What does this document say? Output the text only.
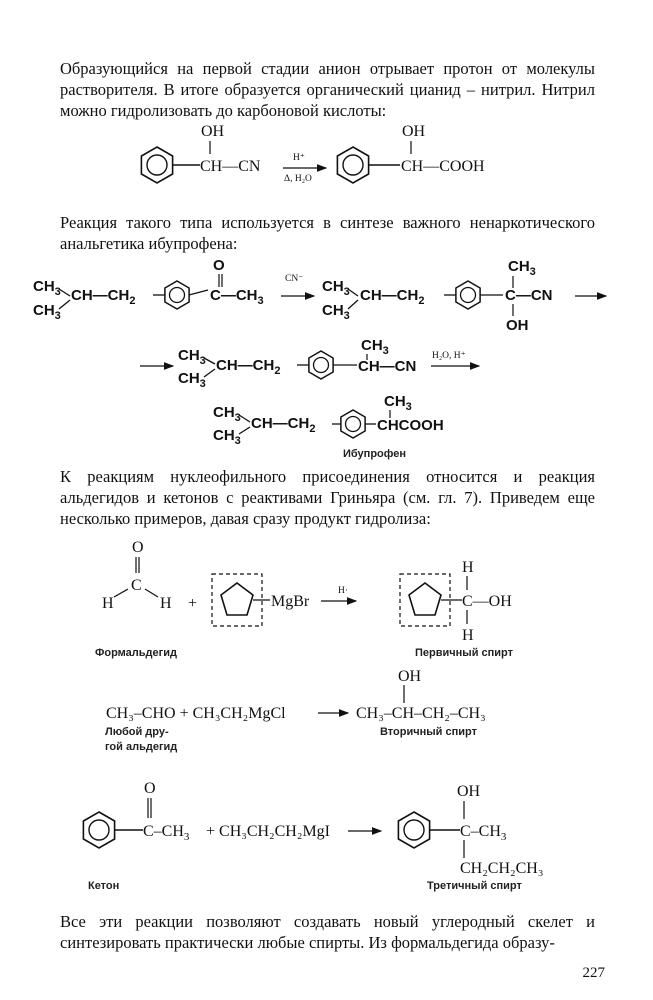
Образующийся на первой стадии анион отрывает протон от молекулы растворителя. В итоге образуется органический цианид – нитрил. Нитрил можно гидролизовать до карбоновой кислоты:

Реакция такого типа используется в синтезе важного ненаркотического анальгетика ибупрофена:

К реакциям нуклеофильного присоединения относится и реакция альдегидов и кетонов с реактивами Гриньяра (см. гл. 7). Приведем еще несколько примеров, давая сразу продукт гидролиза:

Все эти реакции позволяют создавать новый углеродный скелет и синтезировать практически любые спирты. Из формальдегида образу-

227
Ибупрофен
Формальдегид	Первичный спирт
Любой дру-
гой альдегид
Вторичный спирт
Кетон	Третичный спирт
OH
CH—CN	H⁺
Δ, H₂O
OH
CH—COOH
$CH_3$
$CH_3$
$CH—CH_2$
O
$C—CH_3$
CN⁻ $CH_3$
$CH_3$
$CH—CH_2$
$CH_3$
C—CN
OH
$CH_3$
$CH_3$
$CH—CH_2$
$CH_3$
CH—CN
H₂O, H⁺
$CH_3$
$CH_3$
$CH—CH_2$
$CH_3$
CHCOOH
O
C
H	H +	MgBr
H·
H
C—OH
H
CH₃–CHO + CH₃CH₂MgCl
OH
CH₃–CH–CH₂–CH₃
O
$C-CH_3 + CH_3CH_2CH_2MgI$
OH
$C-CH_3$
CH₂CH₂CH₃
